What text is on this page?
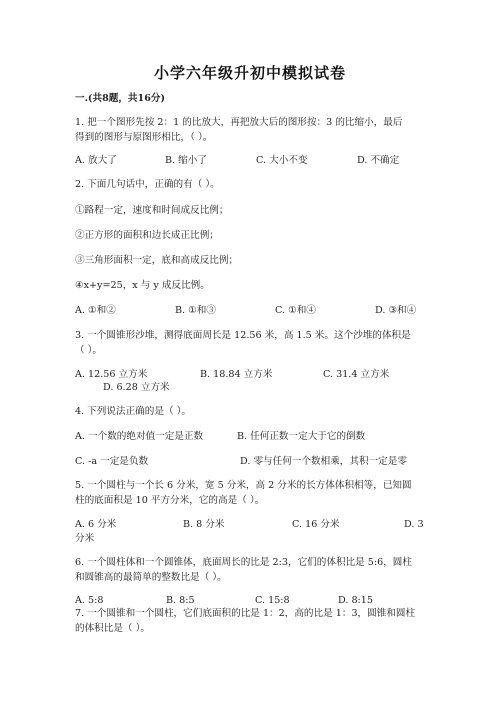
小学六年级升初中模拟试卷
一.(共8题，共16分)
1. 把一个图形先按 2：1 的比放大，再把放大后的图形按：3 的比缩小，最后
得到的图形与原图形相比，（ ）。
A. 放大了	B. 缩小了	C. 大小不变	D. 不确定
2. 下面几句话中，正确的有（ ）。
①路程一定，速度和时间成反比例；
②正方形的面积和边长成正比例；
③三角形面积一定，底和高成反比例；
④x+y=25，x 与 y 成反比例。
A. ①和②	B. ①和③	C. ①和④	D. ③和④
3. 一个圆锥形沙堆，测得底面周长是 12.56 米，高 1.5 米。这个沙堆的体积是
（ ）。
A. 12.56 立方米	B. 18.84 立方米	C. 31.4 立方米
D. 6.28 立方米
4. 下列说法正确的是（ ）。
A. 一个数的绝对值一定是正数	B. 任何正数一定大于它的倒数
C. -a 一定是负数	D. 零与任何一个数相乘，其积一定是零
5. 一个圆柱与一个长 6 分米，宽 5 分米，高 2 分米的长方体体积相等，已知圆
柱的底面积是 10 平方分米，它的高是（ ）。
A. 6 分米	B. 8 分米	C. 16 分米	D. 3
分米
6. 一个圆柱体和一个圆锥体，底面周长的比是 2:3，它们的体积比是 5:6，圆柱
和圆锥高的最简单的整数比是（ ）。
A. 5:8	B. 8:5	C. 15:8	D. 8:15
7. 一个圆锥和一个圆柱，它们底面积的比是 1：2，高的比是 1：3，圆锥和圆柱
的体积比是（ ）。
